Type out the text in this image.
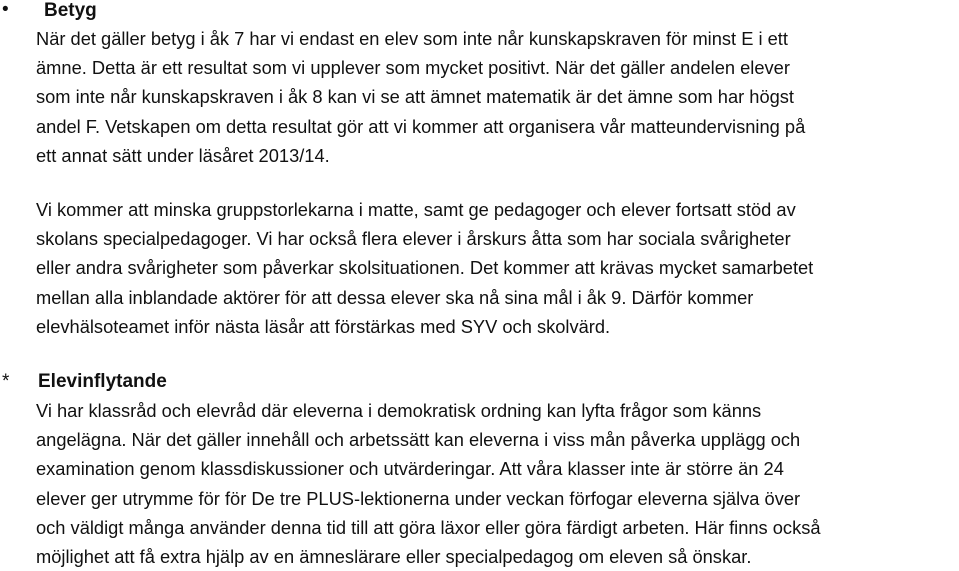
• Betyg
När det gäller betyg i åk 7 har vi endast en elev som inte når kunskapskraven för minst E i ett
ämne. Detta är ett resultat som vi upplever som mycket positivt. När det gäller andelen elever
som inte når kunskapskraven i åk 8 kan vi se att ämnet matematik är det ämne som har högst
andel F. Vetskapen om detta resultat gör att vi kommer att organisera vår matteundervisning på
ett annat sätt under läsåret 2013/14.
Vi kommer att minska gruppstorlekarna i matte, samt ge pedagoger och elever fortsatt stöd av
skolans specialpedagoger. Vi har också flera elever i årskurs åtta som har sociala svårigheter
eller andra svårigheter som påverkar skolsituationen. Det kommer att krävas mycket samarbetet
mellan alla inblandade aktörer för att dessa elever ska nå sina mål i åk 9. Därför kommer
elevhälsoteamet inför nästa läsår att förstärkas med SYV och skolvärd.
* Elevinflytande
Vi har klassråd och elevråd där eleverna i demokratisk ordning kan lyfta frågor som känns
angelägna. När det gäller innehåll och arbetssätt kan eleverna i viss mån påverka upplägg och
examination genom klassdiskussioner och utvärderingar. Att våra klasser inte är större än 24
elever ger utrymme för för De tre PLUS-lektionerna under veckan förfogar eleverna själva över
och väldigt många använder denna tid till att göra läxor eller göra färdigt arbeten. Här finns också
möjlighet att få extra hjälp av en ämneslärare eller specialpedagog om eleven så önskar.
